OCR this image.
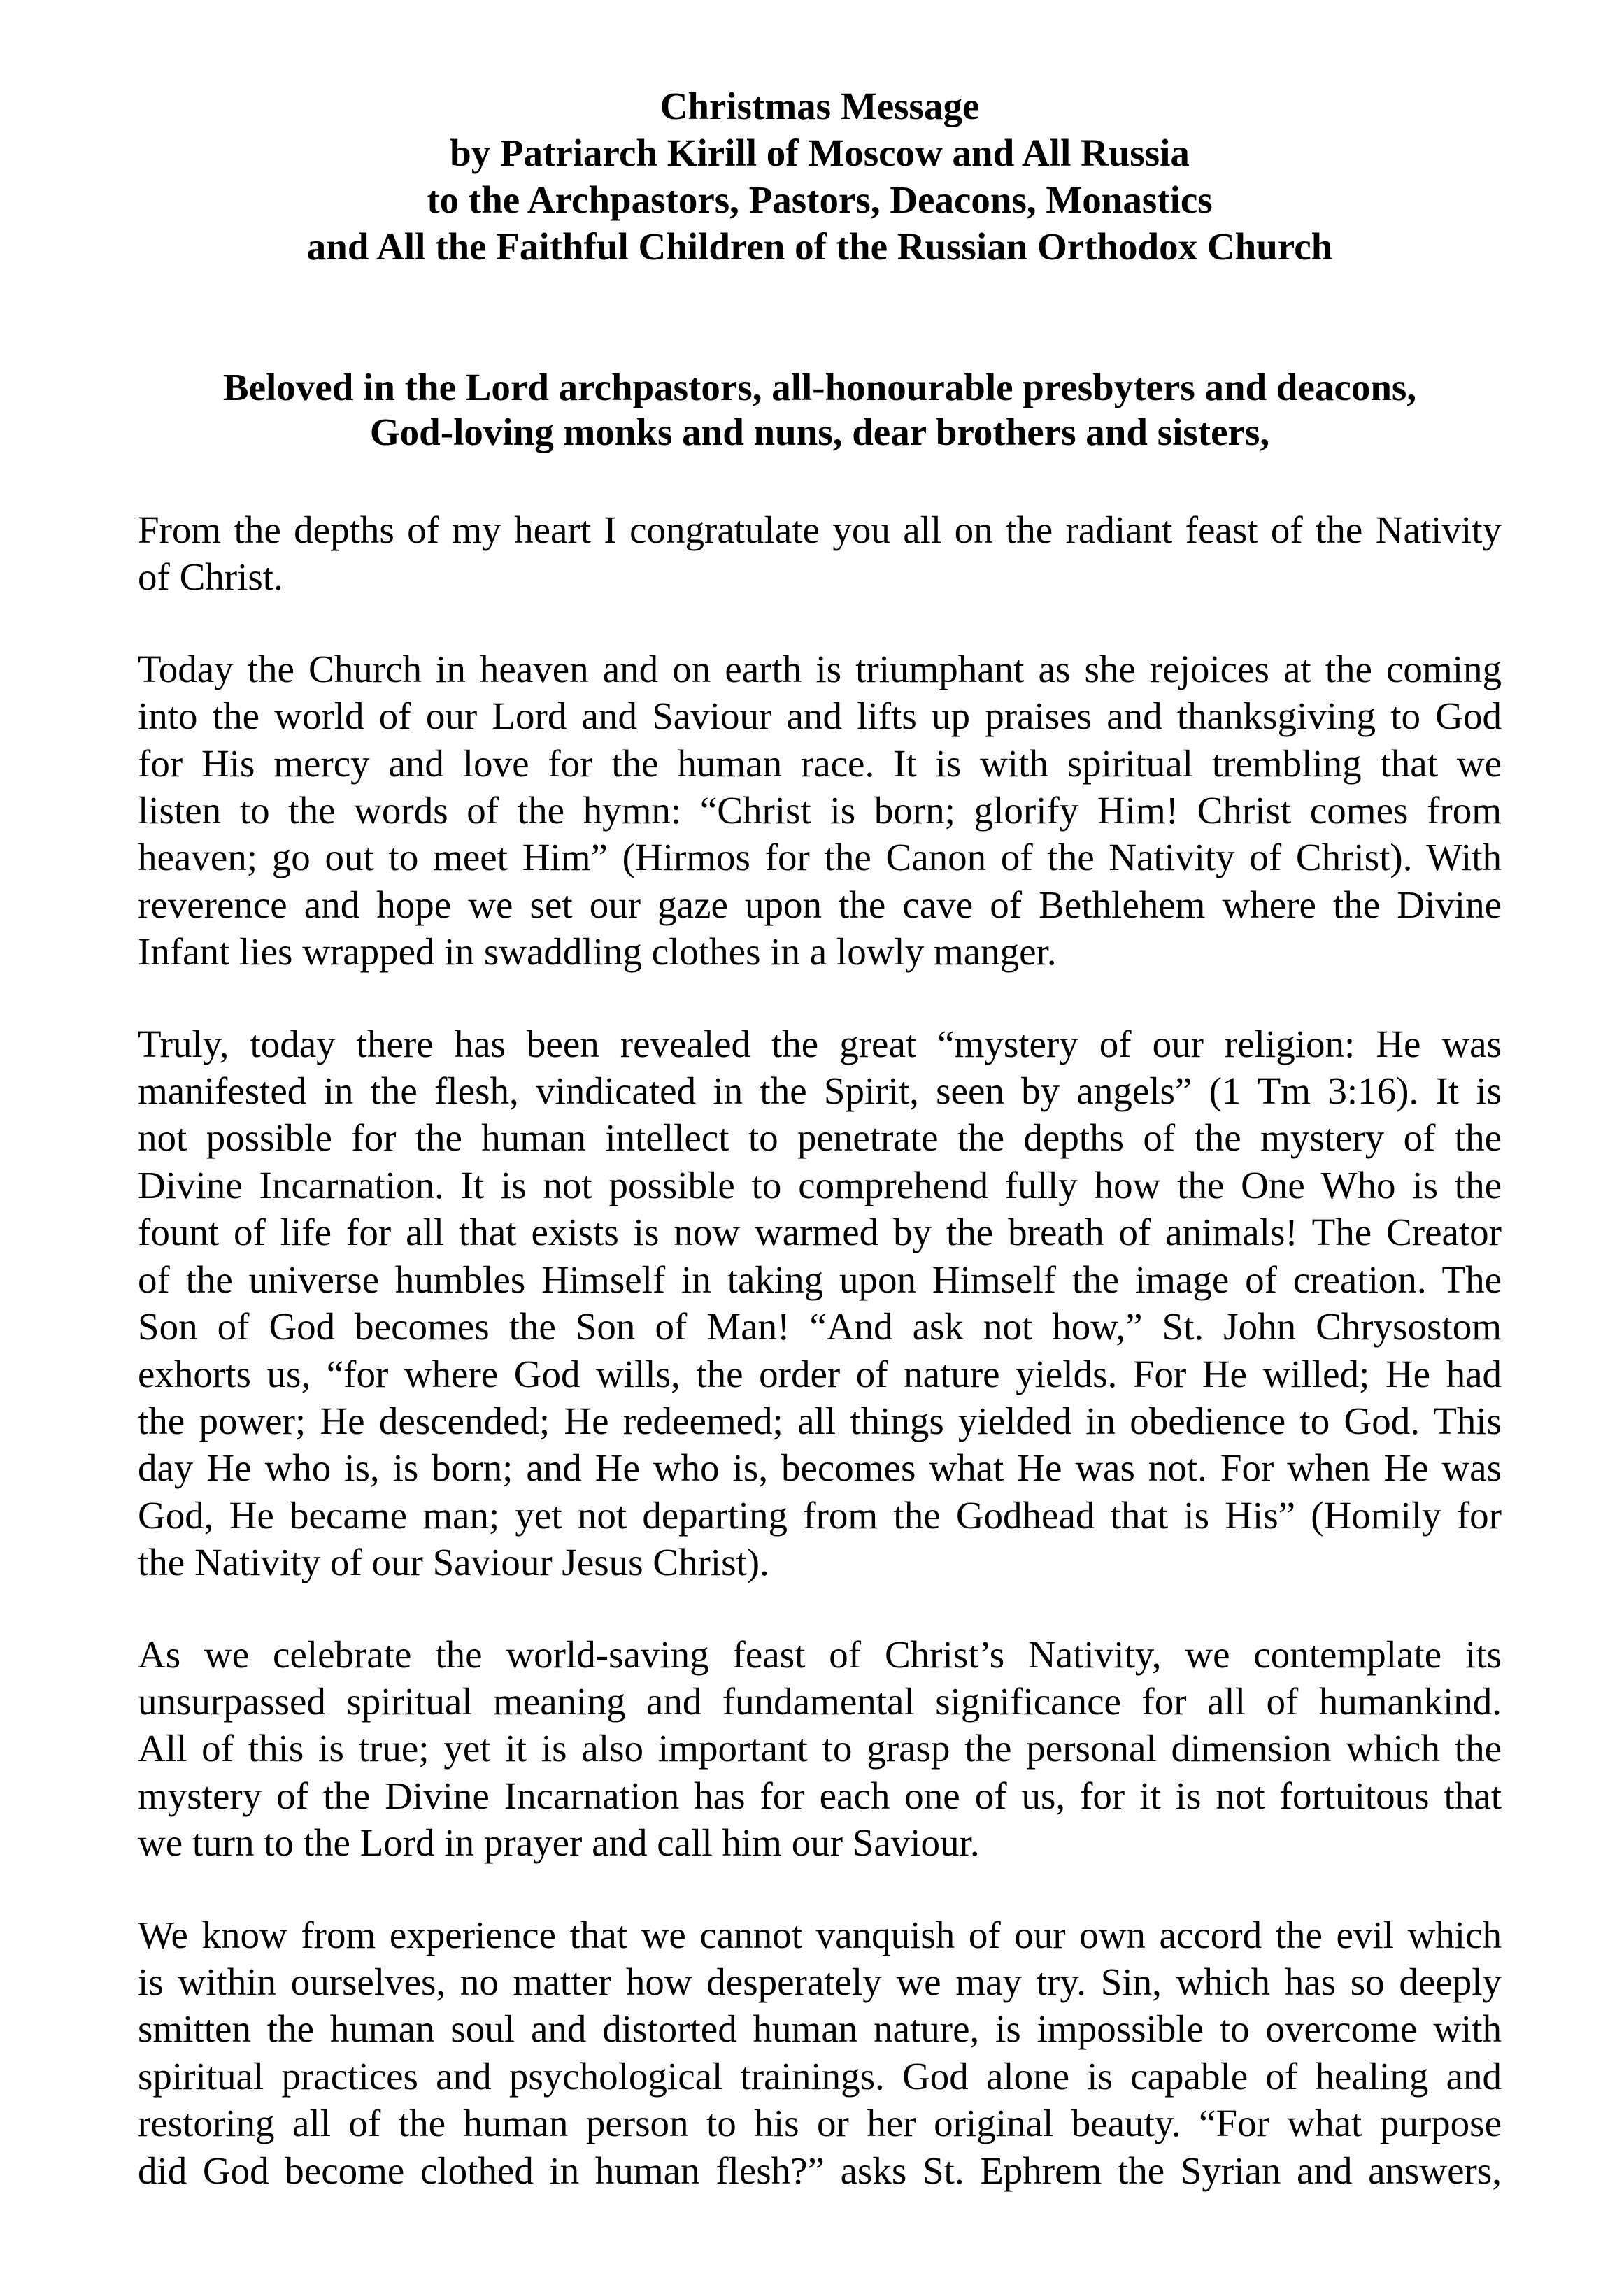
Christmas Message
by Patriarch Kirill of Moscow and All Russia
to the Archpastors, Pastors, Deacons, Monastics
and All the Faithful Children of the Russian Orthodox Church
Beloved in the Lord archpastors, all-honourable presbyters and deacons,
God-loving monks and nuns, dear brothers and sisters,
From the depths of my heart I congratulate you all on the radiant feast of the Nativity
of Christ.
Today the Church in heaven and on earth is triumphant as she rejoices at the coming
into the world of our Lord and Saviour and lifts up praises and thanksgiving to God
for His mercy and love for the human race. It is with spiritual trembling that we
listen to the words of the hymn: “Christ is born; glorify Him! Christ comes from
heaven; go out to meet Him” (Hirmos for the Canon of the Nativity of Christ). With
reverence and hope we set our gaze upon the cave of Bethlehem where the Divine
Infant lies wrapped in swaddling clothes in a lowly manger.
Truly, today there has been revealed the great “mystery of our religion: He was
manifested in the flesh, vindicated in the Spirit, seen by angels” (1 Tm 3:16). It is
not possible for the human intellect to penetrate the depths of the mystery of the
Divine Incarnation. It is not possible to comprehend fully how the One Who is the
fount of life for all that exists is now warmed by the breath of animals! The Creator
of the universe humbles Himself in taking upon Himself the image of creation. The
Son of God becomes the Son of Man! “And ask not how,” St. John Chrysostom
exhorts us, “for where God wills, the order of nature yields. For He willed; He had
the power; He descended; He redeemed; all things yielded in obedience to God. This
day He who is, is born; and He who is, becomes what He was not. For when He was
God, He became man; yet not departing from the Godhead that is His” (Homily for
the Nativity of our Saviour Jesus Christ).
As we celebrate the world-saving feast of Christ’s Nativity, we contemplate its
unsurpassed spiritual meaning and fundamental significance for all of humankind.
All of this is true; yet it is also important to grasp the personal dimension which the
mystery of the Divine Incarnation has for each one of us, for it is not fortuitous that
we turn to the Lord in prayer and call him our Saviour.
We know from experience that we cannot vanquish of our own accord the evil which
is within ourselves, no matter how desperately we may try. Sin, which has so deeply
smitten the human soul and distorted human nature, is impossible to overcome with
spiritual practices and psychological trainings. God alone is capable of healing and
restoring all of the human person to his or her original beauty. “For what purpose
did God become clothed in human flesh?” asks St. Ephrem the Syrian and answers,
